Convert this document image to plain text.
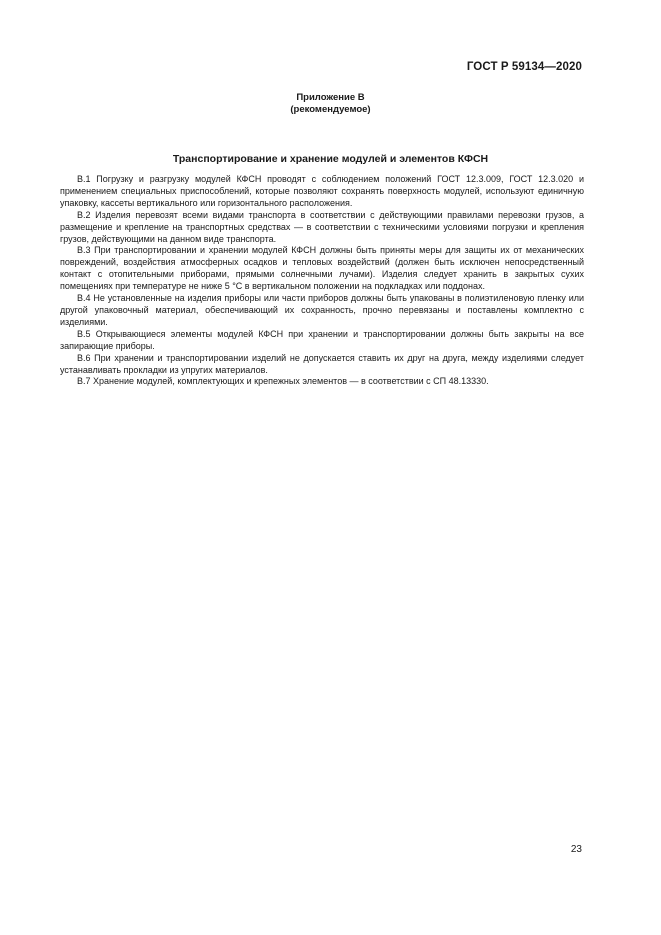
ГОСТ Р 59134—2020
Приложение В
(рекомендуемое)
Транспортирование и хранение модулей и элементов КФСН

В.1 Погрузку и разгрузку модулей КФСН проводят с соблюдением положений ГОСТ 12.3.009, ГОСТ 12.3.020 и применением специальных приспособлений, которые позволяют сохранять поверхность модулей, используют единичную упаковку, кассеты вертикального или горизонтального расположения.

В.2 Изделия перевозят всеми видами транспорта в соответствии с действующими правилами перевозки грузов, а размещение и крепление на транспортных средствах — в соответствии с техническими условиями погрузки и крепления грузов, действующими на данном виде транспорта.

В.3 При транспортировании и хранении модулей КФСН должны быть приняты меры для защиты их от механических повреждений, воздействия атмосферных осадков и тепловых воздействий (должен быть исключен непосредственный контакт с отопительными приборами, прямыми солнечными лучами). Изделия следует хранить в закрытых сухих помещениях при температуре не ниже 5 °С в вертикальном положении на подкладках или поддонах.

В.4 Не установленные на изделия приборы или части приборов должны быть упакованы в полиэтиленовую пленку или другой упаковочный материал, обеспечивающий их сохранность, прочно перевязаны и поставлены комплектно с изделиями.

В.5 Открывающиеся элементы модулей КФСН при хранении и транспортировании должны быть закрыты на все запирающие приборы.

В.6 При хранении и транспортировании изделий не допускается ставить их друг на друга, между изделиями следует устанавливать прокладки из упругих материалов.

В.7 Хранение модулей, комплектующих и крепежных элементов — в соответствии с СП 48.13330.

23
